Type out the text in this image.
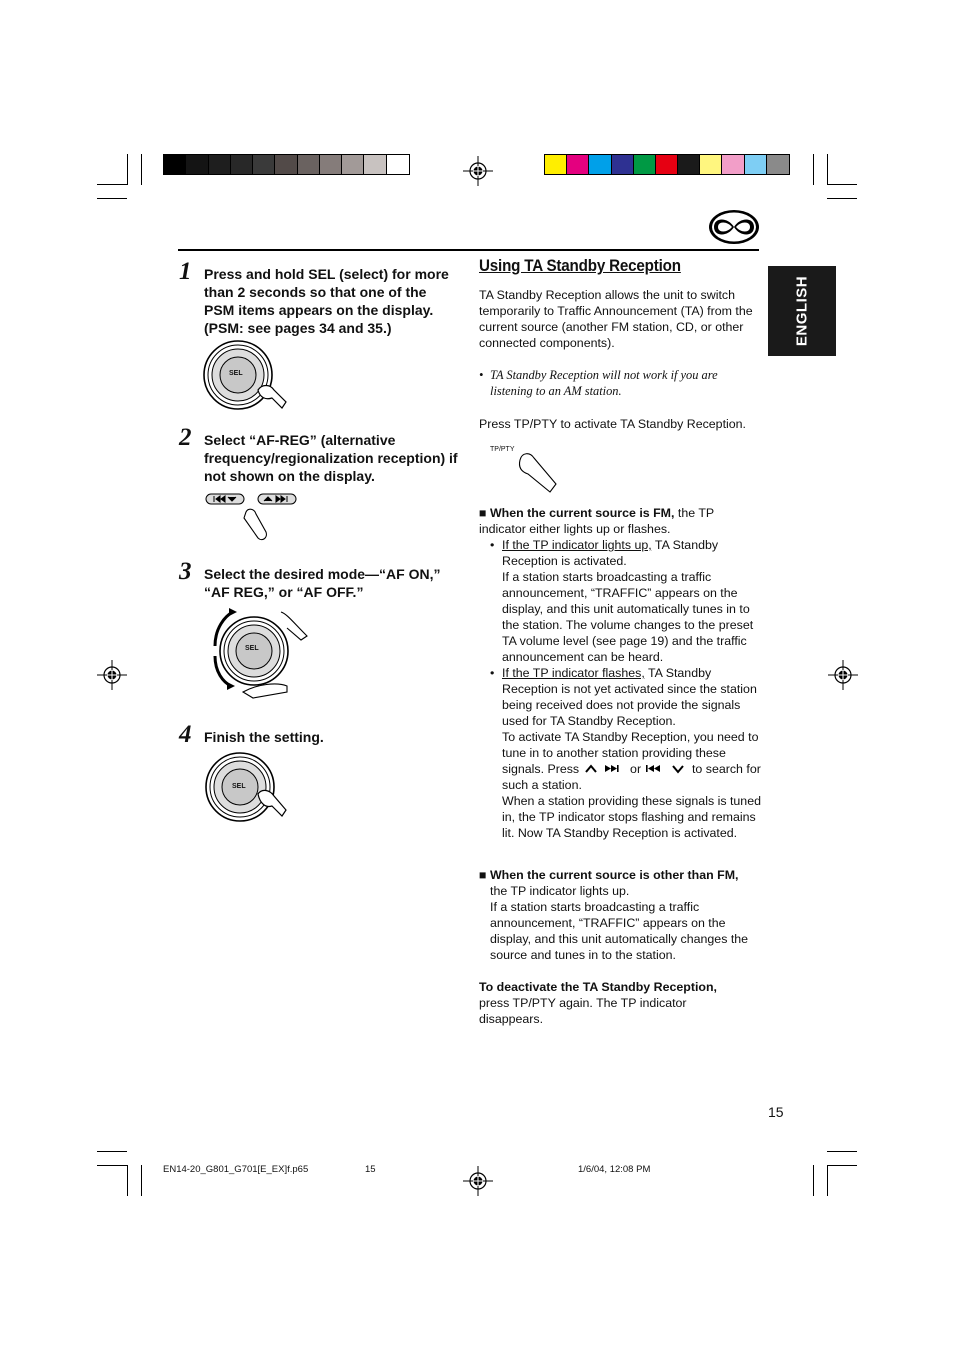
ENGLISH
1 Press and hold SEL (select) for more than 2 seconds so that one of the PSM items appears on the display. (PSM: see pages 34 and 35.)
SEL
2 Select “AF-REG” (alternative frequency/regionalization reception) if not shown on the display.
3 Select the desired mode—“AF ON,” “AF REG,” or “AF OFF.”
SEL
4 Finish the setting.
SEL
Using TA Standby Reception
TA Standby Reception allows the unit to switch temporarily to Traffic Announcement (TA) from the current source (another FM station, CD, or other connected components).
• TA Standby Reception will not work if you are listening to an AM station.
Press TP/PTY to activate TA Standby Reception.
TP/PTY

■ When the current source is FM, the TP indicator either lights up or flashes.

• If the TP indicator lights up, TA Standby Reception is activated.
If a station starts broadcasting a traffic announcement, “TRAFFIC” appears on the display, and this unit automatically tunes in to the station. The volume changes to the preset TA volume level (see page 19) and the traffic announcement can be heard.
• If the TP indicator flashes, TA Standby Reception is not yet activated since the station being received does not provide the signals used for TA Standby Reception.
To activate TA Standby Reception, you need to tune in to another station providing these signals. Press	or	to search for such a station.
When a station providing these signals is tuned in, the TP indicator stops flashing and remains lit. Now TA Standby Reception is activated.

■ When the current source is other than FM,

the TP indicator lights up.
If a station starts broadcasting a traffic announcement, “TRAFFIC” appears on the display, and this unit automatically changes the source and tunes in to the station.
To deactivate the TA Standby Reception,
press TP/PTY again. The TP indicator disappears.
15
EN14-20_G801_G701[E_EX]f.p65	15	1/6/04, 12:08 PM
